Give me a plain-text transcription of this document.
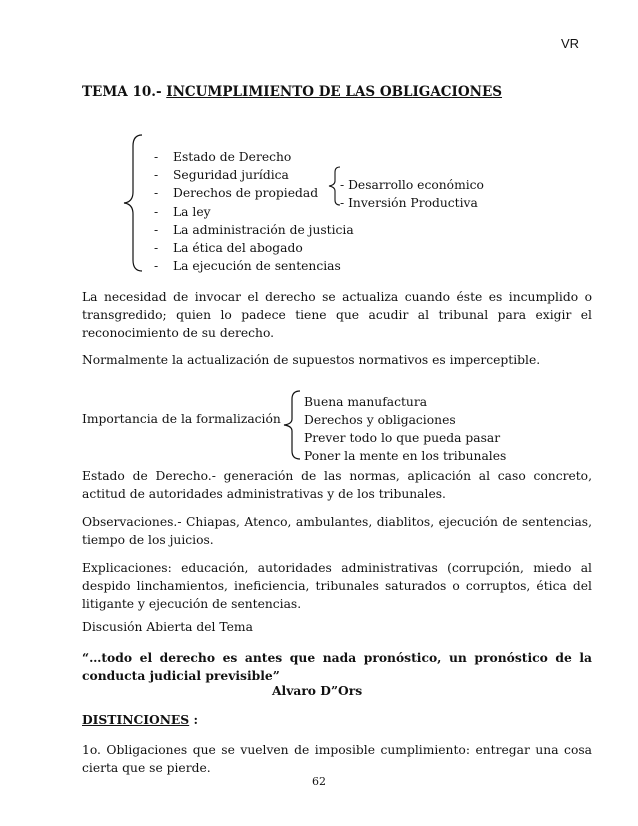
VR
TEMA 10.- INCUMPLIMIENTO DE LAS OBLIGACIONES
-	Estado de Derecho
-	Seguridad jurídica
-	Derechos de propiedad
- Desarrollo económico
- Inversión Productiva
-	La ley
-	La administración de justicia
-	La ética del abogado
-	La ejecución de sentencias

La necesidad de invocar el derecho se actualiza cuando éste es incumplido o transgredido; quien lo padece tiene que acudir al tribunal para exigir el reconocimiento de su derecho.

Normalmente la actualización de supuestos normativos es imperceptible.

Importancia de la formalización
Buena manufactura
Derechos y obligaciones
Prever todo lo que pueda pasar
Poner la mente en los tribunales

Estado de Derecho.- generación de las normas, aplicación al caso concreto, actitud de autoridades administrativas y de los tribunales.

Observaciones.- Chiapas, Atenco, ambulantes, diablitos, ejecución de sentencias, tiempo de los juicios.

Explicaciones: educación, autoridades administrativas (corrupción, miedo al despido linchamientos, ineficiencia, tribunales saturados o corruptos, ética del litigante y ejecución de sentencias.

Discusión Abierta del Tema

“…todo el derecho es antes que nada pronóstico, un pronóstico de la conducta judicial previsible”

Alvaro D”Ors
DISTINCIONES :

1o. Obligaciones que se vuelven de imposible cumplimiento: entregar una cosa cierta que se pierde.

62
